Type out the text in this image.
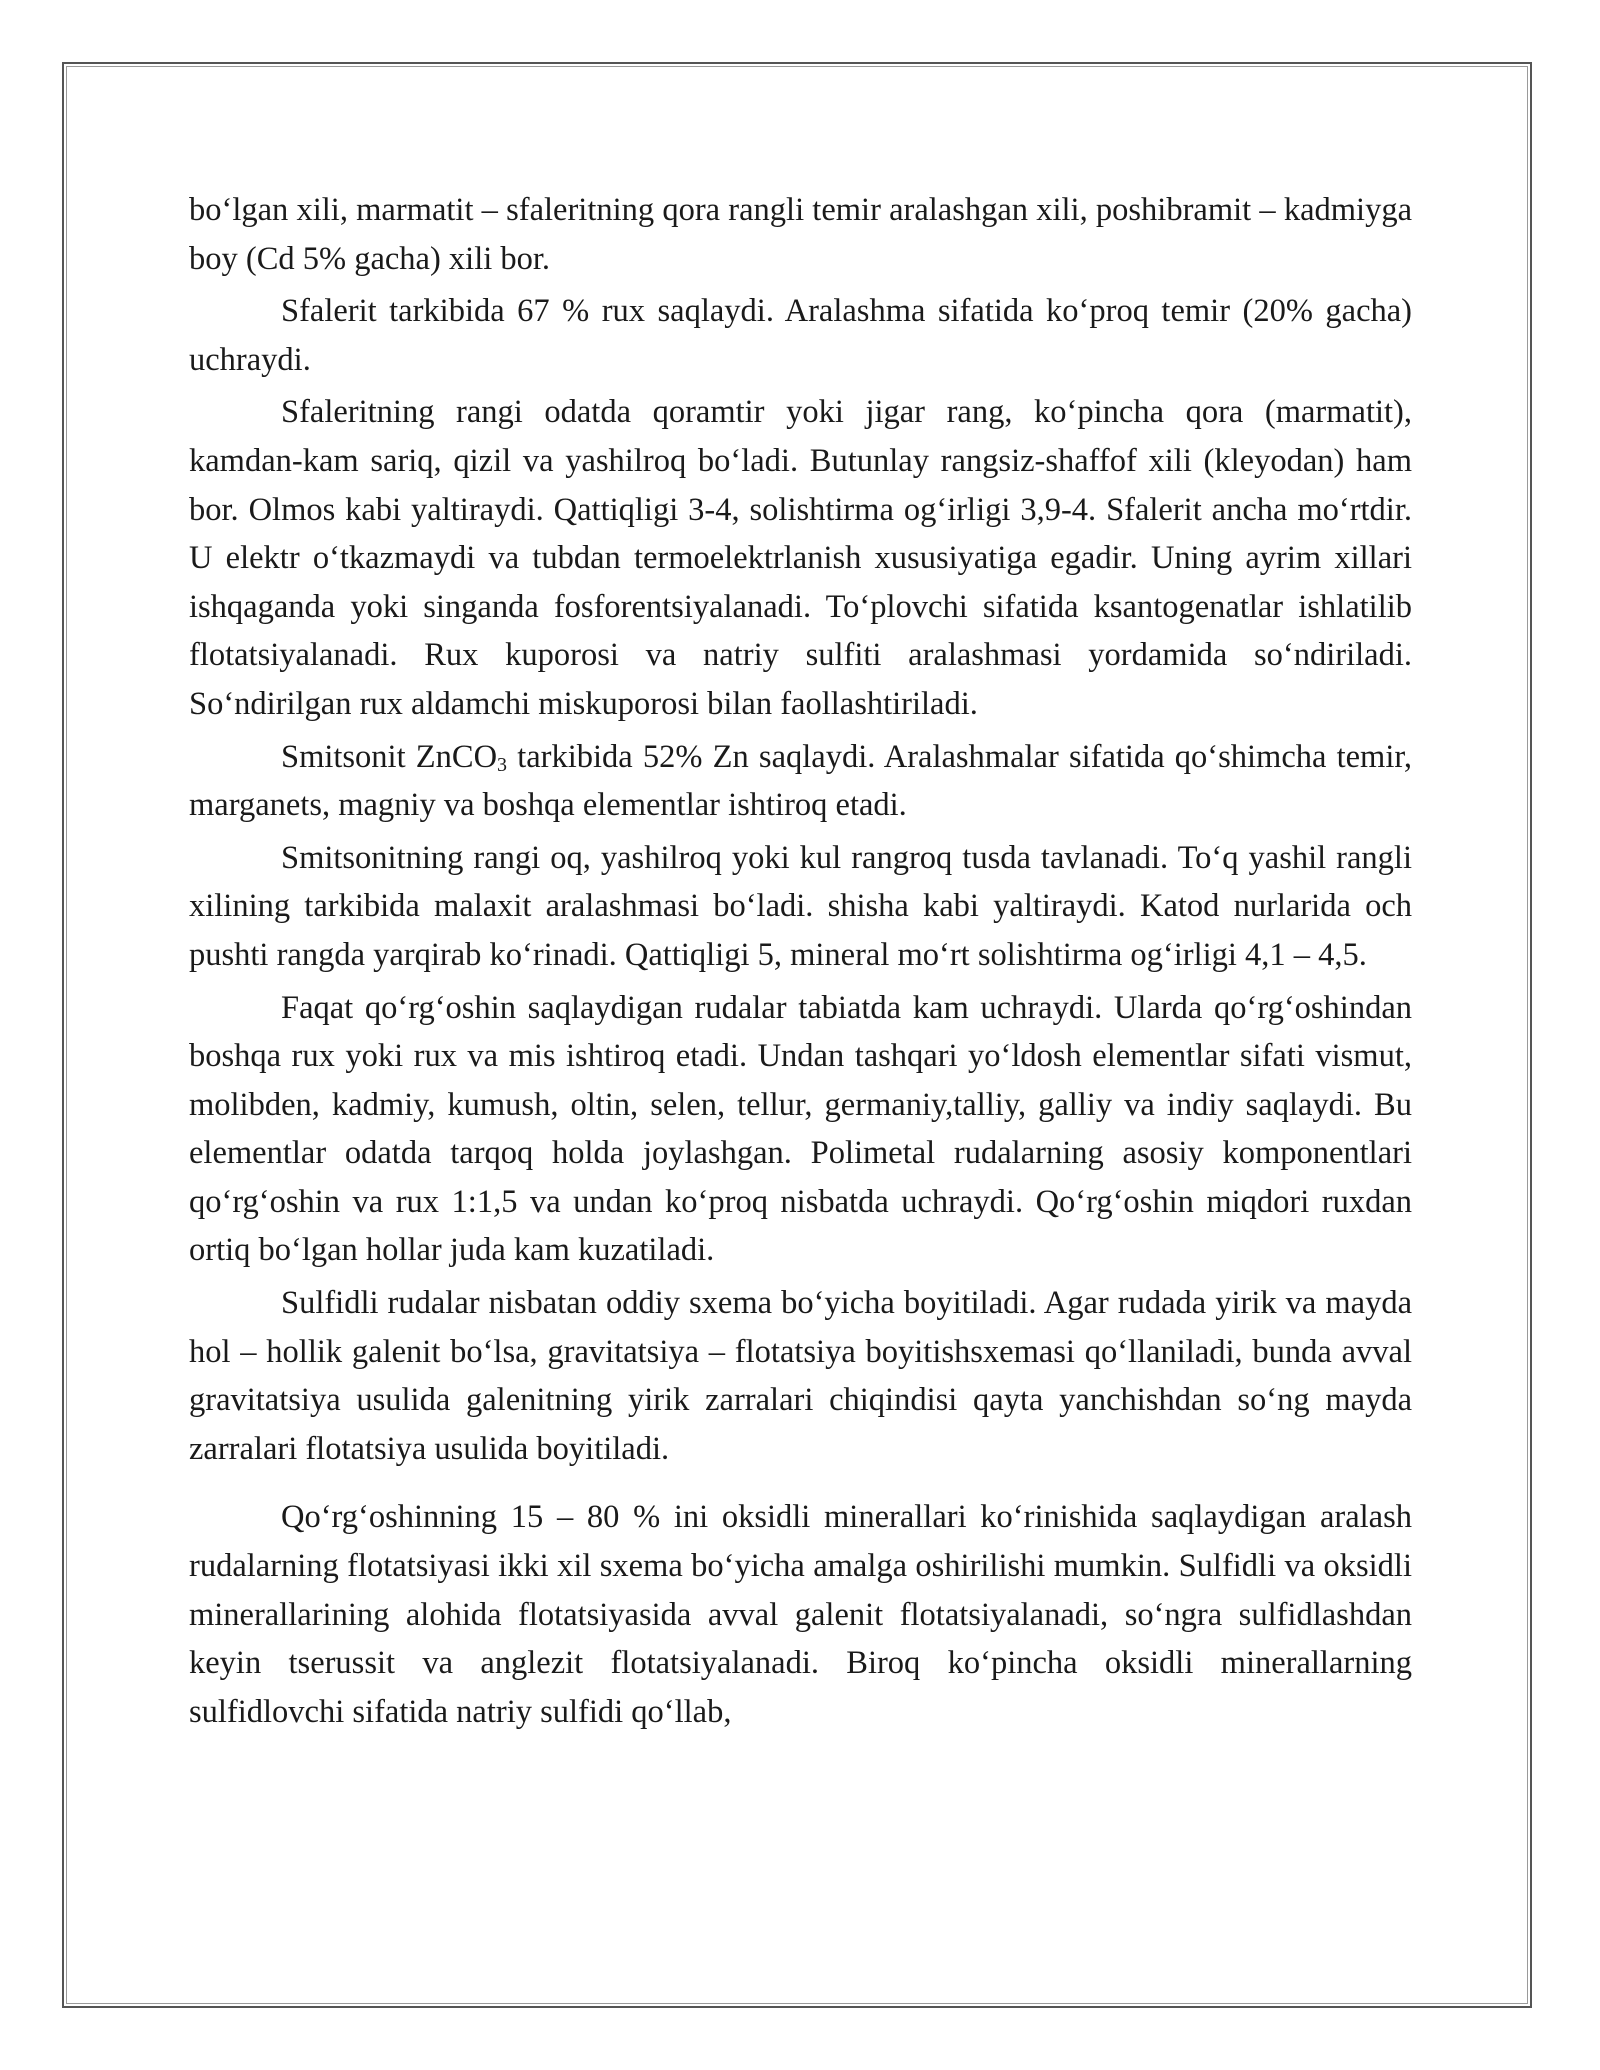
bo‘lgan xili, marmatit – sfaleritning qora rangli temir aralashgan xili, poshibramit – kadmiyga boy (Cd 5% gacha) xili bor.

Sfalerit tarkibida 67 % rux saqlaydi. Aralashma sifatida ko‘proq temir (20% gacha) uchraydi.

Sfaleritning rangi odatda qoramtir yoki jigar rang, ko‘pincha qora (marmatit), kamdan-kam sariq, qizil va yashilroq bo‘ladi. Butunlay rangsiz-shaffof xili (kleyodan) ham bor. Olmos kabi yaltiraydi. Qattiqligi 3-4, solishtirma og‘irligi 3,9-4. Sfalerit ancha mo‘rtdir. U elektr o‘tkazmaydi va tubdan termoelektrlanish xususiyatiga egadir. Uning ayrim xillari ishqaganda yoki singanda fosforentsiyalanadi. To‘plovchi sifatida ksantogenatlar ishlatilib flotatsiyalanadi. Rux kuporosi va natriy sulfiti aralashmasi yordamida so‘ndiriladi. So‘ndirilgan rux aldamchi miskuporosi bilan faollashtiriladi.

Smitsonit ZnCO$_3$ tarkibida 52% Zn saqlaydi. Aralashmalar sifatida qo‘shimcha temir, marganets, magniy va boshqa elementlar ishtiroq etadi.

Smitsonitning rangi oq, yashilroq yoki kul rangroq tusda tavlanadi. To‘q yashil rangli xilining tarkibida malaxit aralashmasi bo‘ladi. shisha kabi yaltiraydi. Katod nurlarida och pushti rangda yarqirab ko‘rinadi. Qattiqligi 5, mineral mo‘rt solishtirma og‘irligi 4,1 – 4,5.

Faqat qo‘rg‘oshin saqlaydigan rudalar tabiatda kam uchraydi. Ularda qo‘rg‘oshindan boshqa rux yoki rux va mis ishtiroq etadi. Undan tashqari yo‘ldosh elementlar sifati vismut, molibden, kadmiy, kumush, oltin, selen, tellur, germaniy,talliy, galliy va indiy saqlaydi. Bu elementlar odatda tarqoq holda joylashgan. Polimetal rudalarning asosiy komponentlari qo‘rg‘oshin va rux 1:1,5 va undan ko‘proq nisbatda uchraydi. Qo‘rg‘oshin miqdori ruxdan ortiq bo‘lgan hollar juda kam kuzatiladi.

Sulfidli rudalar nisbatan oddiy sxema bo‘yicha boyitiladi. Agar rudada yirik va mayda hol – hollik galenit bo‘lsa, gravitatsiya – flotatsiya boyitishsxemasi qo‘llaniladi, bunda avval gravitatsiya usulida galenitning yirik zarralari chiqindisi qayta yanchishdan so‘ng mayda zarralari flotatsiya usulida boyitiladi.

Qo‘rg‘oshinning 15 – 80 % ini oksidli minerallari ko‘rinishida saqlaydigan aralash rudalarning flotatsiyasi ikki xil sxema bo‘yicha amalga oshirilishi mumkin. Sulfidli va oksidli minerallarining alohida flotatsiyasida avval galenit flotatsiyalanadi, so‘ngra sulfidlashdan keyin tserussit va anglezit flotatsiyalanadi. Biroq ko‘pincha oksidli minerallarning sulfidlovchi sifatida natriy sulfidi qo‘llab,
